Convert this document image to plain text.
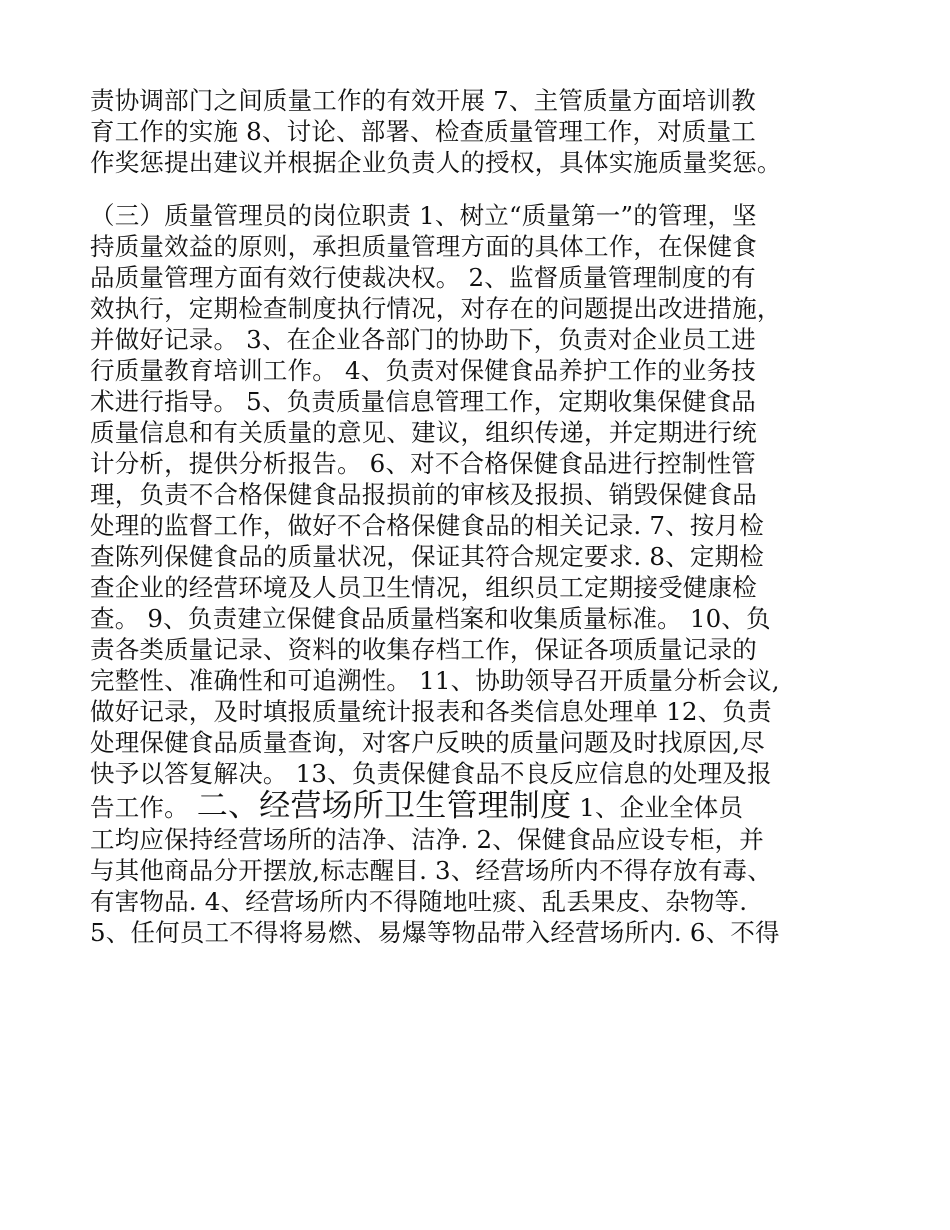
责协调部门之间质量工作的有效开展 7、主管质量方面培训教
育工作的实施 8、讨论、部署、检查质量管理工作，对质量工
作奖惩提出建议并根据企业负责人的授权，具体实施质量奖惩。
（三）质量管理员的岗位职责 1、树立“质量第一”的管理，坚
持质量效益的原则，承担质量管理方面的具体工作，在保健食
品质量管理方面有效行使裁决权。 2、监督质量管理制度的有
效执行，定期检查制度执行情况，对存在的问题提出改进措施，
并做好记录。 3、在企业各部门的协助下，负责对企业员工进
行质量教育培训工作。 4、负责对保健食品养护工作的业务技
术进行指导。 5、负责质量信息管理工作，定期收集保健食品
质量信息和有关质量的意见、建议，组织传递，并定期进行统
计分析，提供分析报告。 6、对不合格保健食品进行控制性管
理，负责不合格保健食品报损前的审核及报损、销毁保健食品
处理的监督工作，做好不合格保健食品的相关记录. 7、按月检
查陈列保健食品的质量状况，保证其符合规定要求. 8、定期检
查企业的经营环境及人员卫生情况，组织员工定期接受健康检
查。 9、负责建立保健食品质量档案和收集质量标准。 10、负
责各类质量记录、资料的收集存档工作，保证各项质量记录的
完整性、准确性和可追溯性。 11、协助领导召开质量分析会议,
做好记录，及时填报质量统计报表和各类信息处理单 12、负责
处理保健食品质量查询，对客户反映的质量问题及时找原因,尽
快予以答复解决。 13、负责保健食品不良反应信息的处理及报
告工作。 二、经营场所卫生管理制度 1、企业全体员
工均应保持经营场所的洁净、洁净. 2、保健食品应设专柜，并
与其他商品分开摆放,标志醒目. 3、经营场所内不得存放有毒、
有害物品. 4、经营场所内不得随地吐痰、乱丢果皮、杂物等.
5、任何员工不得将易燃、易爆等物品带入经营场所内. 6、不得
